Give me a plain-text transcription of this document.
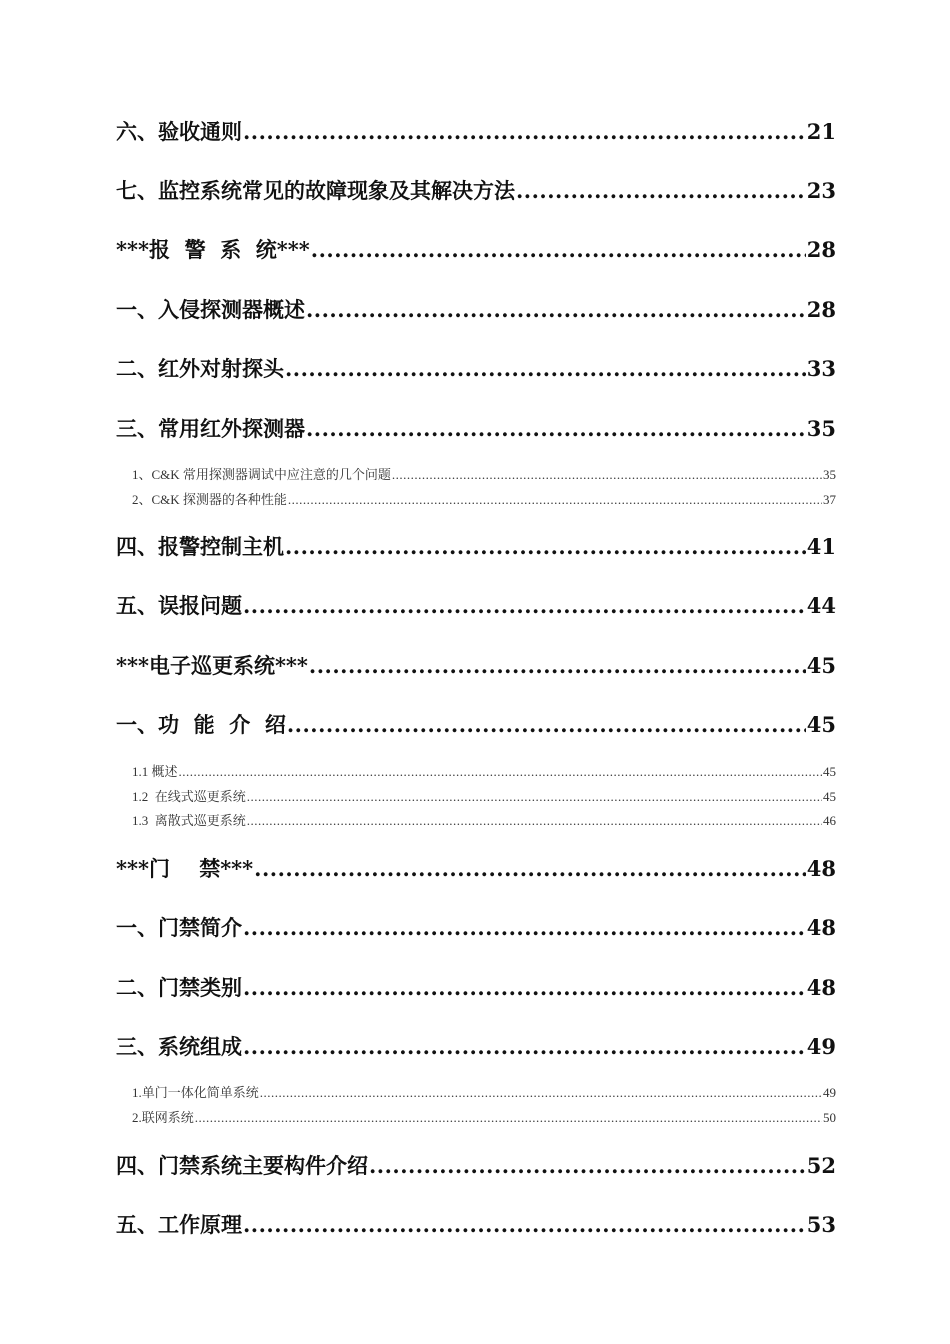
六、验收通则 .....	21
七、监控系统常见的故障现象及其解决方法 .....	23
***报  警  系  统*** .....	28
一、入侵探测器概述 .....	28
二、红外对射探头 .....	33
三、常用红外探测器 .....	35
1、C&K 常用探测器调试中应注意的几个问题 .....	35
2、C&K 探测器的各种性能 .....	37
四、报警控制主机 .....	41
五、误报问题 .....	44
***电子巡更系统*** .....	45
一、功  能  介  绍 .....	45
1.1 概述 .....	45
1.2  在线式巡更系统 .....	45
1.3  离散式巡更系统 .....	46
***门    禁*** .....	48
一、门禁简介 .....	48
二、门禁类别 .....	48
三、系统组成 .....	49
1.单门一体化简单系统 .....	49
2.联网系统 .....	50
四、门禁系统主要构件介绍 .....	52
五、工作原理 .....	53
